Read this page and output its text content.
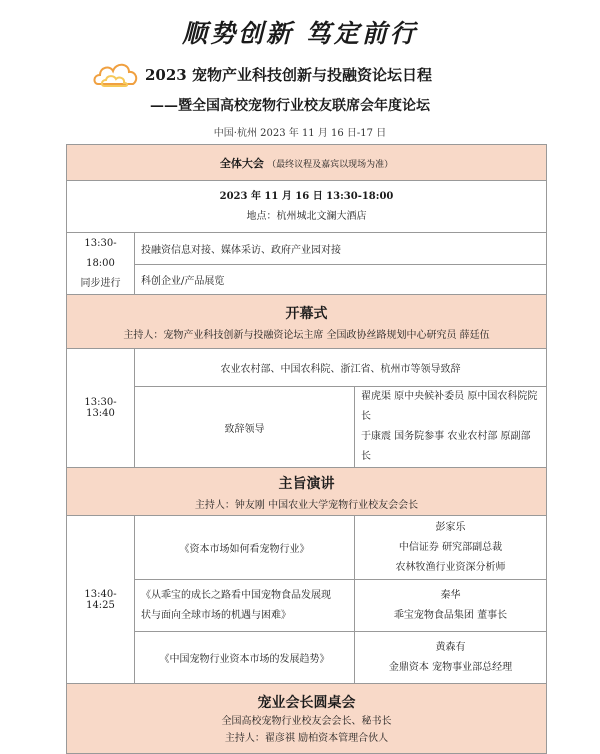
顺势创新 笃定前行
2023 宠物产业科技创新与投融资论坛日程
——暨全国高校宠物行业校友联席会年度论坛
中国·杭州 2023 年 11 月 16 日-17 日
全体大会 （最终议程及嘉宾以现场为准）		

2023 年 11 月 16 日 13:30-18:00
地点：杭州城北文澜大酒店		

13:30-18:00
同步进行	投融资信息对接、媒体采访、政府产业园对接	
	科创企业/产品展览	

开幕式
主持人：宠物产业科技创新与投融资论坛主席 全国政协丝路规划中心研究员 薛廷伍		

13:30-13:40	农业农村部、中国农科院、浙江省、杭州市等领导致辞	
	致辞领导	翟虎渠 原中央候补委员 原中国农科院院长
于康震 国务院参事 农业农村部 原副部长

主旨演讲
主持人：钟友刚 中国农业大学宠物行业校友会会长		

13:40-14:25	《资本市场如何看宠物行业》	彭家乐
中信证券 研究部副总裁
农林牧渔行业资深分析师

	《从乖宝的成长之路看中国宠物食品发展现
状与面向全球市场的机遇与困难》	秦华
乖宝宠物食品集团 董事长

	《中国宠物行业资本市场的发展趋势》	黄森有
金鼎资本 宠物事业部总经理

宠业会长圆桌会
全国高校宠物行业校友会会长、秘书长
主持人：翟彦祺 励柏资本管理合伙人		
